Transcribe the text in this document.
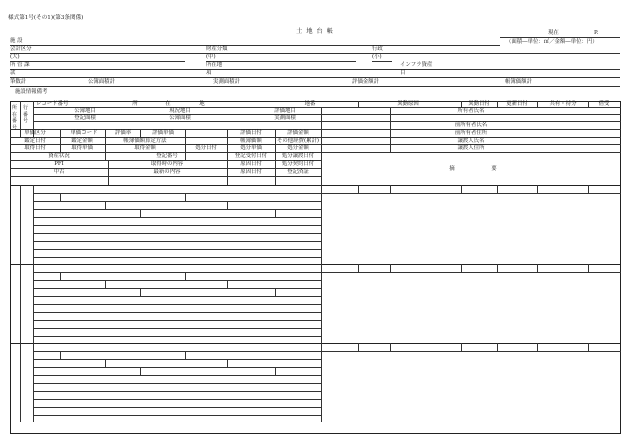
様式第1号(その1)(第3条関係)
土 地 台 帳	現在	P.
（面積―単位：㎡／金額―単位：円）
施 設
会計区分	財産分類	行政
(大)	(中)	(小)
所 管 課	所在地	インフラ資産
款	項	目
筆数計	公簿面積計	実測面積計	評価金額計	帳簿価額計
施設情報備考
所在番号
行番号
レコード番号	所	在	地	地番	異動原因	異動日付	更新日付	共有・持分	借受
公簿地目	現況地目	評価地目	所有者氏名
登記面積	公簿面積	実測面積
前所有者氏名
単価区分	単価コード	評価率	評価単価	評価日付	評価金額	前所有者住所
鑑定日付	鑑定金額	帳簿価額算定方法	帳簿価額	その他経費(累計)	譲渡人氏名
取得日付	取得単価	取得金額	処分日付	処分単価	処分金額	譲渡人住所
資産状況	登記番号	登記受付日付	処分譲渡日付
PFI	取得時の内容	原因日付	処分契約日付
摘	要
中古	最新の内容	原因日付	登記済証
